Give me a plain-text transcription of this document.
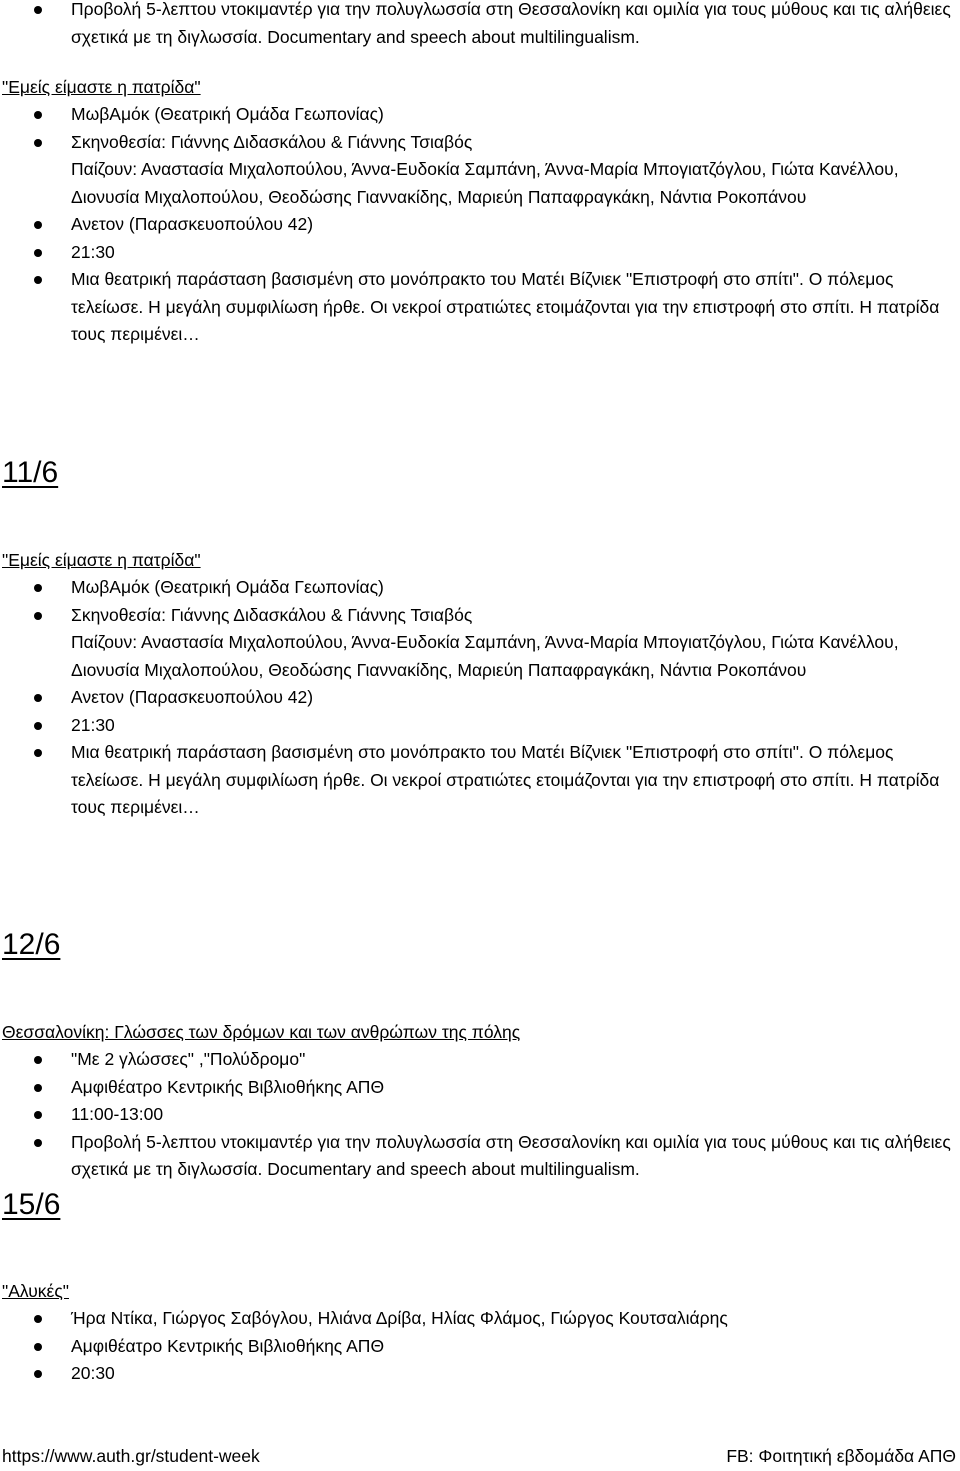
Προβολή 5-λεπτου ντοκιμαντέρ για την πολυγλωσσία στη Θεσσαλονίκη και ομιλία για τους μύθους και τις αλήθειες σχετικά με τη διγλωσσία. Documentary and speech about multilingualism.
"Εμείς είμαστε η πατρίδα"
ΜωβΑμόκ (Θεατρική Ομάδα Γεωπονίας)
Σκηνοθεσία: Γιάννης Διδασκάλου & Γιάννης Τσιαβός
Παίζουν: Αναστασία Μιχαλοπούλου, Άννα-Ευδοκία Σαμπάνη, Άννα-Μαρία Μπογιατζόγλου, Γιώτα Κανέλλου, Διονυσία Μιχαλοπούλου, Θεοδώσης Γιαννακίδης, Μαριεύη Παπαφραγκάκη, Νάντια Ροκοπάνου
Ανετον (Παρασκευοπούλου 42)
21:30
Μια θεατρική παράσταση βασισμένη στο μονόπρακτο του Ματέι Βίζνιεκ "Επιστροφή στο σπίτι". Ο πόλεμος τελείωσε. Η μεγάλη συμφιλίωση ήρθε. Οι νεκροί στρατιώτες ετοιμάζονται για την επιστροφή στο σπίτι. Η πατρίδα τους περιμένει…
11/6
"Εμείς είμαστε η πατρίδα"
ΜωβΑμόκ (Θεατρική Ομάδα Γεωπονίας)
Σκηνοθεσία: Γιάννης Διδασκάλου & Γιάννης Τσιαβός
Παίζουν: Αναστασία Μιχαλοπούλου, Άννα-Ευδοκία Σαμπάνη, Άννα-Μαρία Μπογιατζόγλου, Γιώτα Κανέλλου, Διονυσία Μιχαλοπούλου, Θεοδώσης Γιαννακίδης, Μαριεύη Παπαφραγκάκη, Νάντια Ροκοπάνου
Ανετον (Παρασκευοπούλου 42)
21:30
Μια θεατρική παράσταση βασισμένη στο μονόπρακτο του Ματέι Βίζνιεκ "Επιστροφή στο σπίτι". Ο πόλεμος τελείωσε. Η μεγάλη συμφιλίωση ήρθε. Οι νεκροί στρατιώτες ετοιμάζονται για την επιστροφή στο σπίτι. Η πατρίδα τους περιμένει…
12/6
Θεσσαλονίκη: Γλώσσες των δρόμων και των ανθρώπων της πόλης
"Με 2 γλώσσες" ,"Πολύδρομο"
Αμφιθέατρο Κεντρικής Βιβλιοθήκης ΑΠΘ
11:00-13:00
Προβολή 5-λεπτου ντοκιμαντέρ για την πολυγλωσσία στη Θεσσαλονίκη και ομιλία για τους μύθους και τις αλήθειες σχετικά με τη διγλωσσία. Documentary and speech about multilingualism.
15/6
"Αλυκές"
Ήρα Ντίκα, Γιώργος Σαβόγλου, Ηλιάνα Δρίβα, Ηλίας Φλάμος, Γιώργος Κουτσαλιάρης
Αμφιθέατρο Κεντρικής Βιβλιοθήκης ΑΠΘ
20:30
https://www.auth.gr/student-week	FB: Φοιτητική εβδομάδα ΑΠΘ
